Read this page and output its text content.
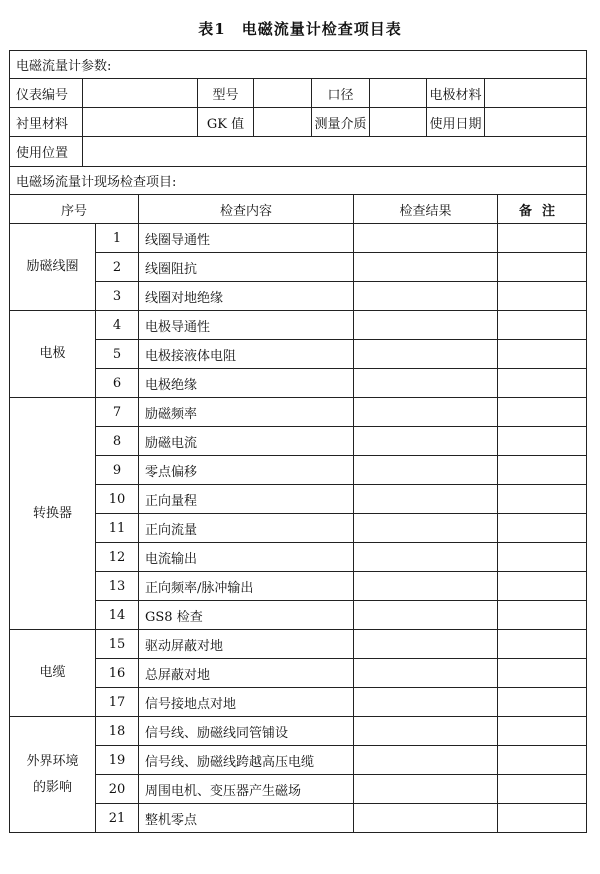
表1 电磁流量计检查项目表
电磁流量计参数:											
仪表编号				型号		口径			电极材料		
衬里材料				GK 值		测量介质			使用日期		
使用位置											
电磁场流量计现场检查项目:											
序号			检查内容				检查结果				备注
励磁线圈		1	线圈导通性								
		2	线圈阻抗								
		3	线圈对地绝缘								
电极		4	电极导通性								
		5	电极接液体电阻								
		6	电极绝缘								
转换器		7	励磁频率								
		8	励磁电流								
		9	零点偏移								
		10	正向量程								
		11	正向流量								
		12	电流输出								
		13	正向频率/脉冲输出								
		14	GS8 检查								
电缆		15	驱动屏蔽对地								
		16	总屏蔽对地								
		17	信号接地点对地								
外界环境的影响		18	信号线、励磁线同管铺设								
		19	信号线、励磁线跨越高压电缆								
		20	周围电机、变压器产生磁场								
		21	整机零点								
